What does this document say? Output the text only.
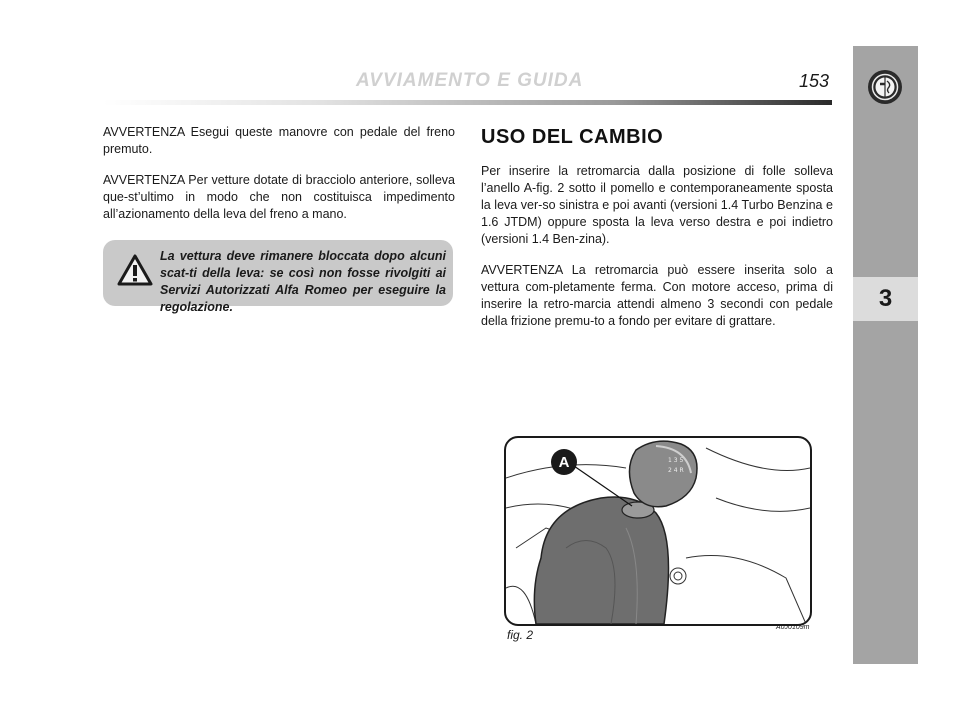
AVVIAMENTO E GUIDA	153
3

AVVERTENZA Esegui queste manovre con pedale del freno premuto.

AVVERTENZA Per vetture dotate di bracciolo anteriore, solleva que-st’ultimo in modo che non costituisca impedimento all’azionamento della leva del freno a mano.

La vettura deve rimanere bloccata dopo alcuni scat-ti della leva: se così non fosse rivolgiti ai Servizi Autorizzati Alfa Romeo per eseguire la regolazione.
USO DEL CAMBIO

Per inserire la retromarcia dalla posizione di folle solleva l’anello A-fig. 2 sotto il pomello e contemporaneamente sposta la leva ver-so sinistra e poi avanti (versioni 1.4 Turbo Benzina e 1.6 JTDM) oppure sposta la leva verso destra e poi indietro (versioni 1.4 Ben-zina).

AVVERTENZA La retromarcia può essere inserita solo a vettura com-pletamente ferma. Con motore acceso, prima di inserire la retro-marcia attendi almeno 3 secondi con pedale della frizione premu-to a fondo per evitare di grattare.

1 3 5
2 4 R
A
fig. 2
A0J0109m
